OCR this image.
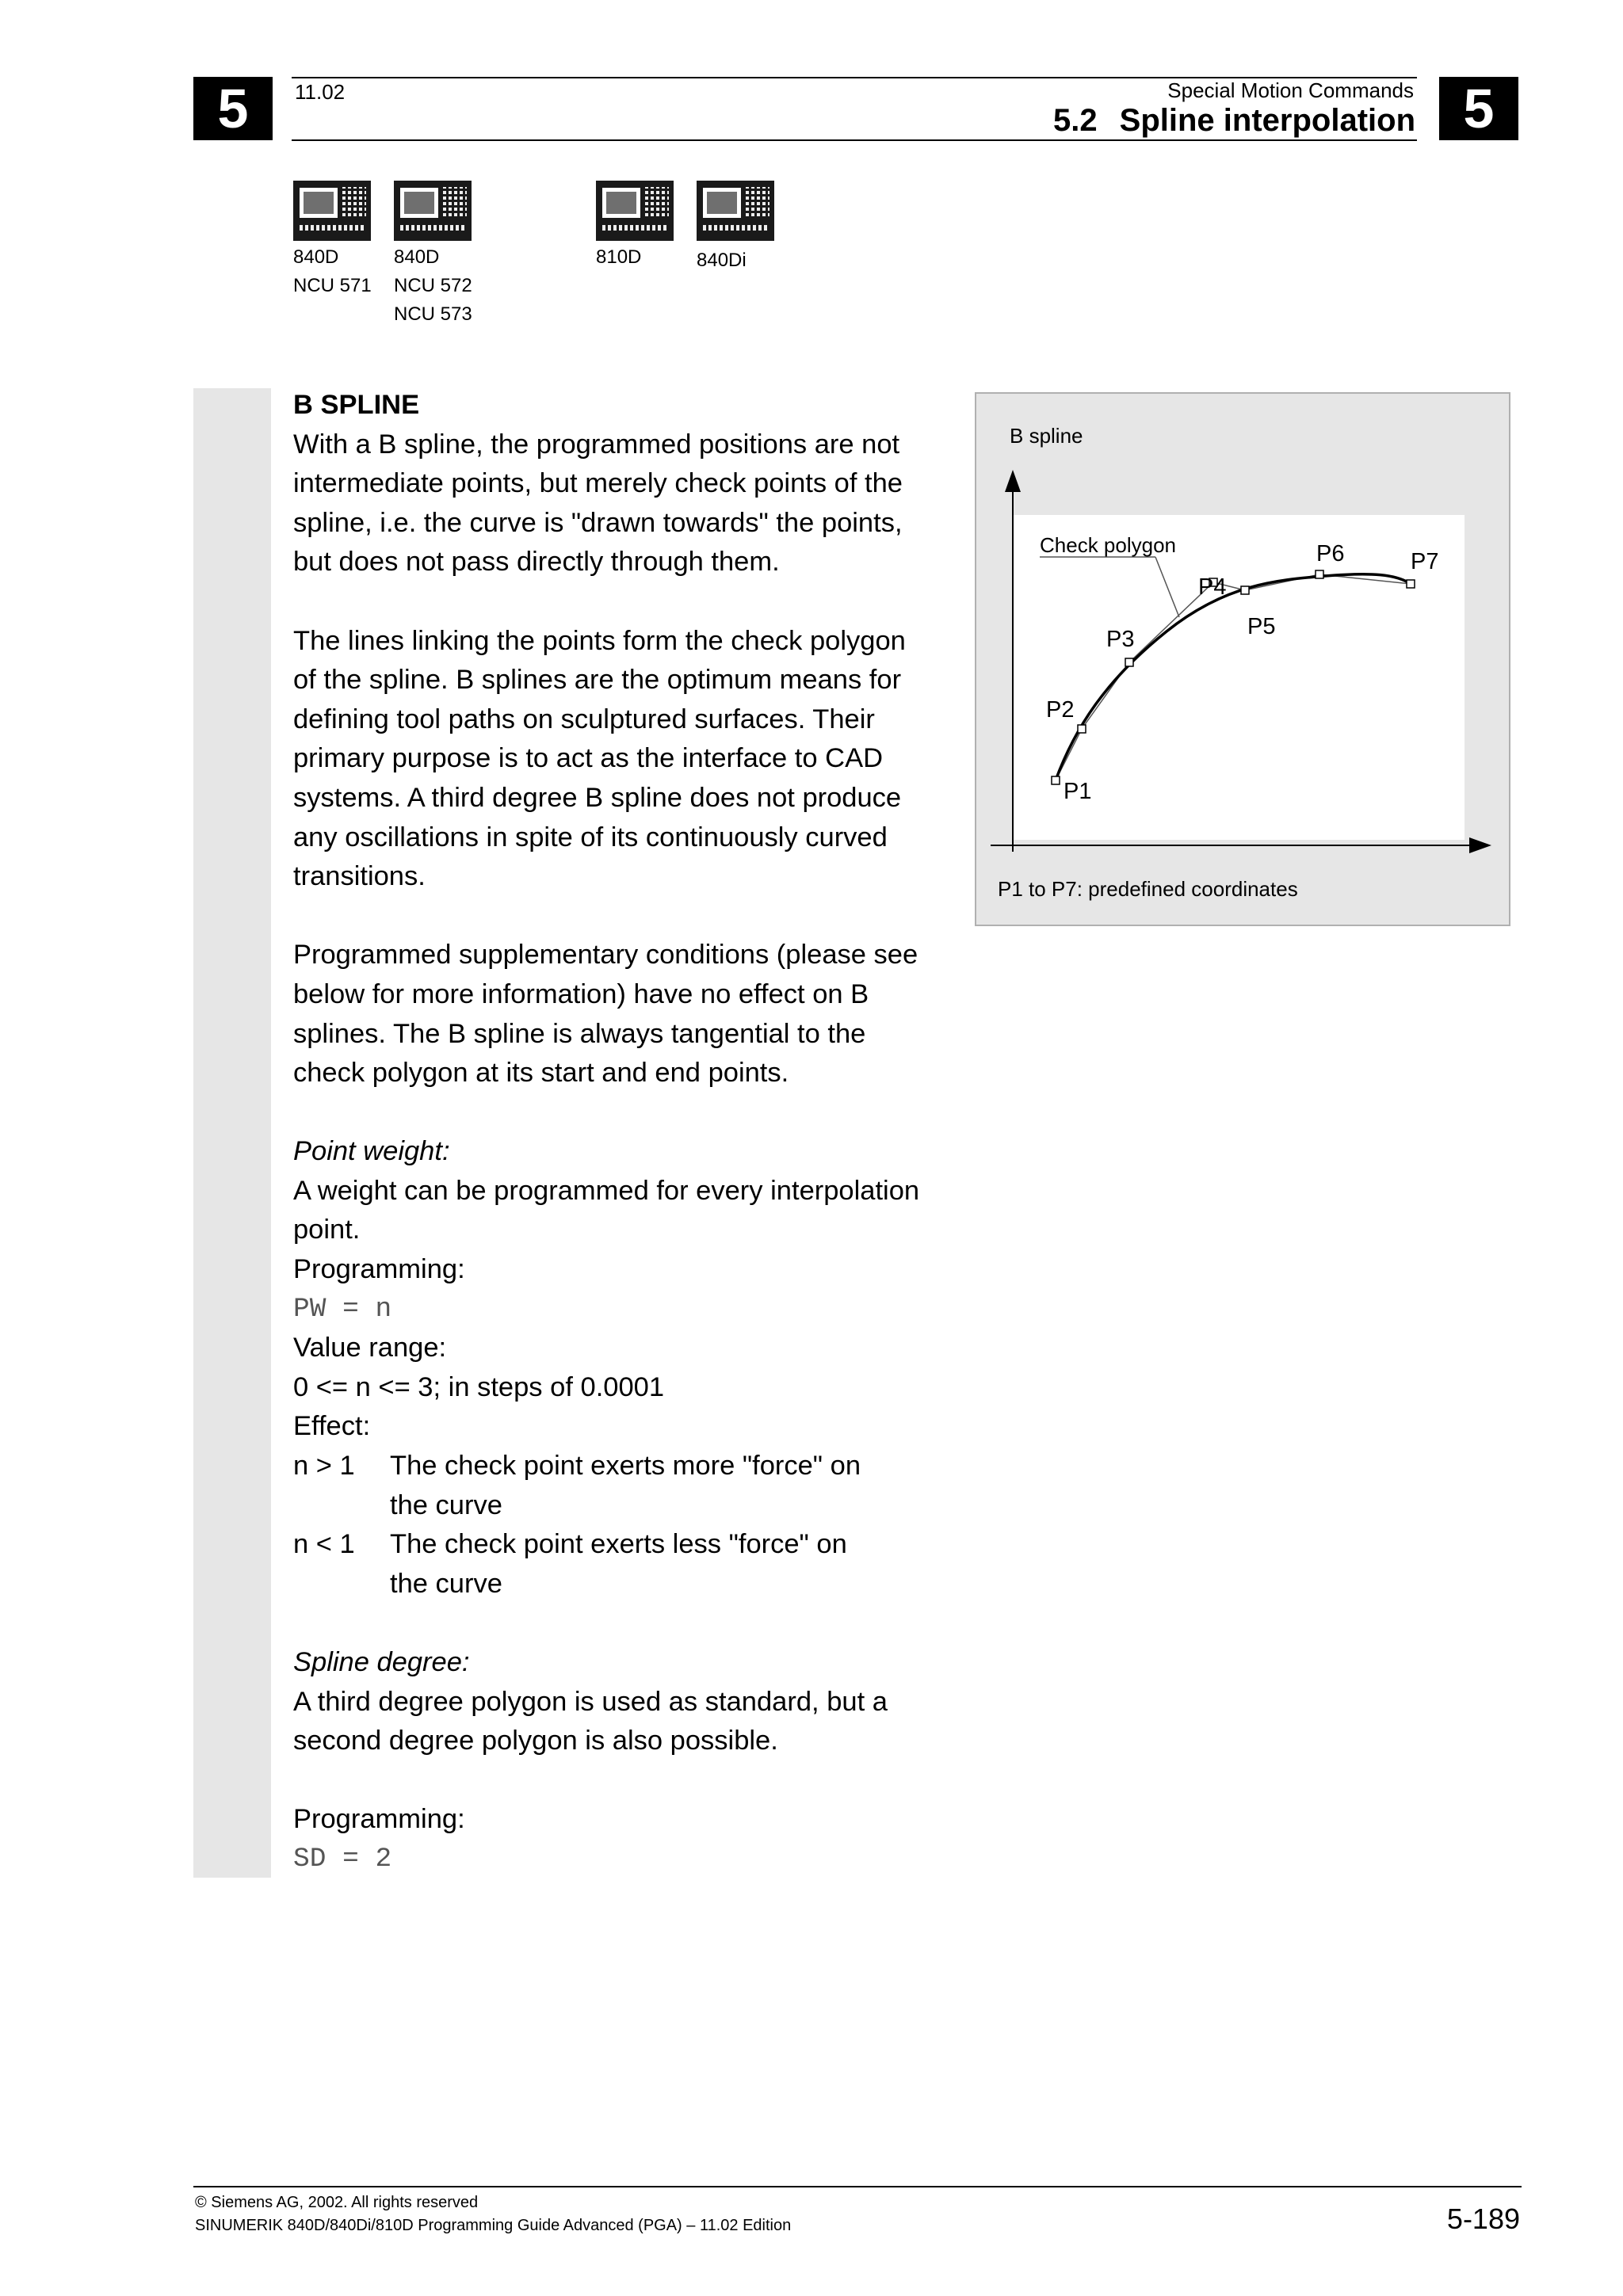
5	5
11.02	Special Motion Commands
5.2 Spline interpolation
840D
NCU 571
840D
NCU 572
NCU 573
810D	840Di

B SPLINE

With a B spline, the programmed positions are not

intermediate points, but merely check points of the

spline, i.e. the curve is "drawn towards" the points,

but does not pass directly through them.

The lines linking the points form the check polygon

of the spline. B splines are the optimum means for

defining tool paths on sculptured surfaces. Their

primary purpose is to act as the interface to CAD

systems. A third degree B spline does not produce

any oscillations in spite of its continuously curved

transitions.

Programmed supplementary conditions (please see

below for more information) have no effect on B

splines. The B spline is always tangential to the

check polygon at its start and end points.

Point weight:

A weight can be programmed for every interpolation

point.

Programming:

PW = n

Value range:

0 <= n <= 3; in steps of 0.0001

Effect:

n > 1	The check point exerts more "force" on
the curve
n < 1	The check point exerts less "force" on
the curve

Spline degree:

A third degree polygon is used as standard, but a

second degree polygon is also possible.

Programming:

SD = 2

B spline
Check polygon
P1
P2
P3
P4
P5
P6	P7
P1 to P7: predefined coordinates
© Siemens AG, 2002. All rights reserved
SINUMERIK 840D/840Di/810D Programming Guide Advanced (PGA) – 11.02 Edition	5-189
